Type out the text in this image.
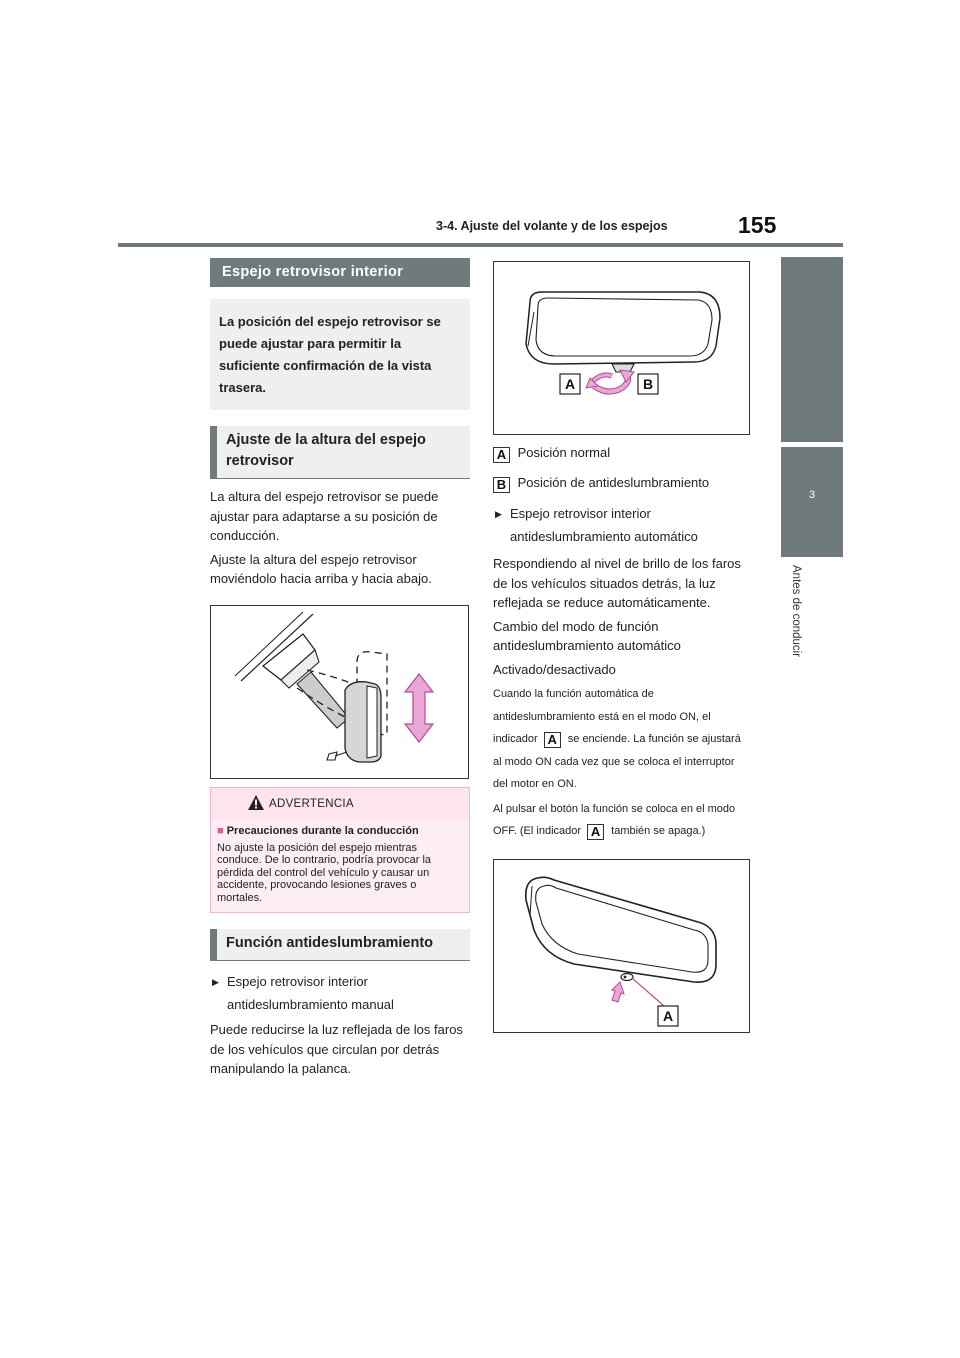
3-4. Ajuste del volante y de los espejos	155
3
Antes de conducir
Espejo retrovisor interior
La posición del espejo retrovisor se puede ajustar para permitir la suficiente confirmación de la vista trasera.
Ajuste de la altura del espejo retrovisor
La altura del espejo retrovisor se puede ajustar para adaptarse a su posición de conducción.
Ajuste la altura del espejo retrovisor moviéndolo hacia arriba y hacia abajo.
ADVERTENCIA
■ Precauciones durante la conducción
No ajuste la posición del espejo mientras conduce. De lo contrario, podría provocar la pérdida del control del vehículo y causar un accidente, provocando lesiones graves o mortales.
Función antideslumbramiento
▶ Espejo retrovisor interior antideslumbramiento manual
Puede reducirse la luz reflejada de los faros de los vehículos que circulan por detrás manipulando la palanca.
A	B
A Posición normal
B Posición de antideslumbramiento
▶ Espejo retrovisor interior antideslumbramiento automático
Respondiendo al nivel de brillo de los faros de los vehículos situados detrás, la luz reflejada se reduce automáticamente.
Cambio del modo de función antideslumbramiento automático
Activado/desactivado
Cuando la función automática de antideslumbramiento está en el modo ON, el indicador A se enciende. La función se ajustará al modo ON cada vez que se coloca el interruptor del motor en ON.
Al pulsar el botón la función se coloca en el modo OFF. (El indicador A también se apaga.)
A
